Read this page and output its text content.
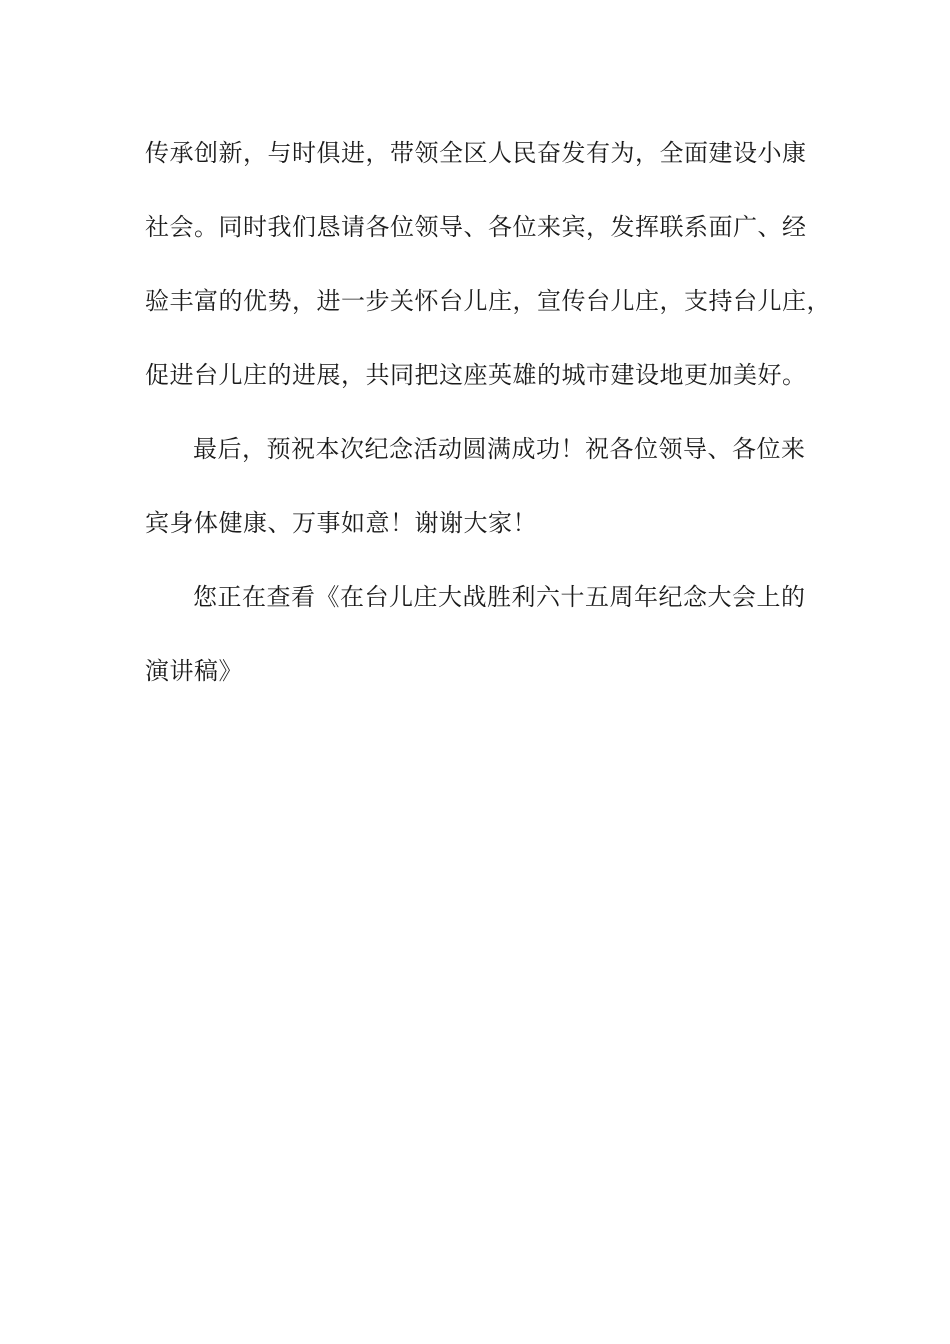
传承创新，与时俱进，带领全区人民奋发有为，全面建设小康
社会。同时我们恳请各位领导、各位来宾，发挥联系面广、经
验丰富的优势，进一步关怀台儿庄，宣传台儿庄，支持台儿庄，
促进台儿庄的进展，共同把这座英雄的城市建设地更加美好。
最后，预祝本次纪念活动圆满成功！祝各位领导、各位来
宾身体健康、万事如意！谢谢大家！
您正在查看《在台儿庄大战胜利六十五周年纪念大会上的
演讲稿》
